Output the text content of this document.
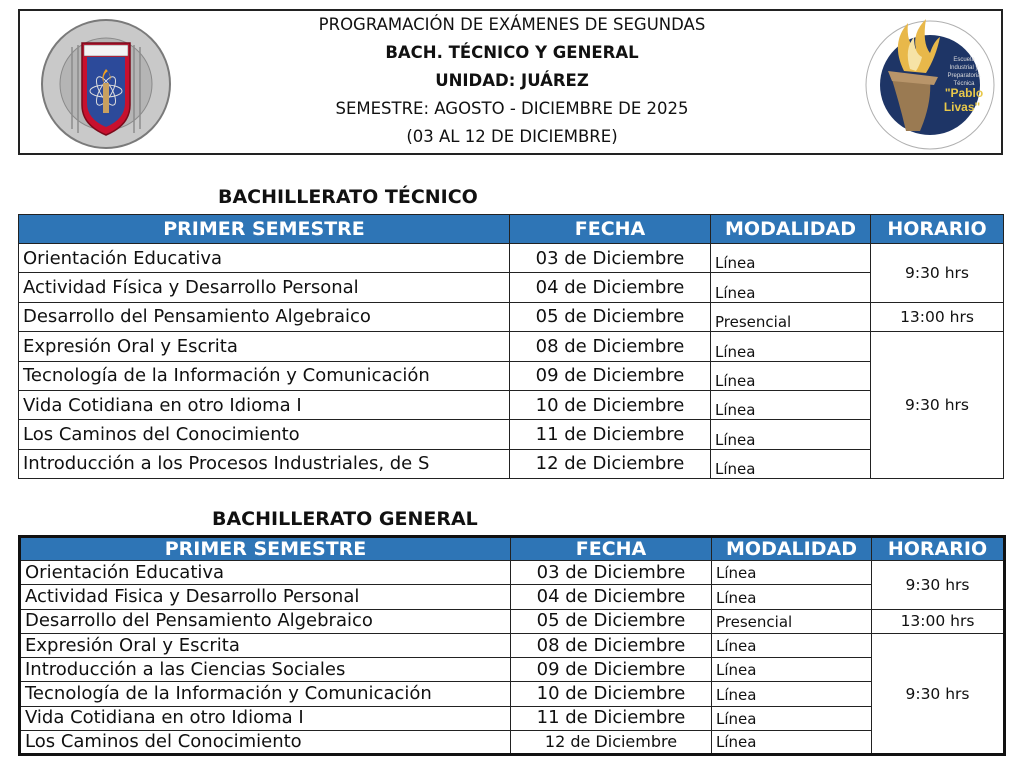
PROGRAMACIÓN DE EXÁMENES DE SEGUNDAS
BACH. TÉCNICO Y GENERAL
UNIDAD: JUÁREZ
SEMESTRE: AGOSTO - DICIEMBRE DE 2025
(03 AL 12 DE DICIEMBRE)
Escuela
Industrial y
Preparatoria
Técnica
"Pablo
Livas"
BACHILLERATO TÉCNICO
PRIMER SEMESTRE	FECHA	MODALIDAD	HORARIO
Orientación Educativa	03 de Diciembre	Línea	9:30 hrs
Actividad Física y Desarrollo Personal	04 de Diciembre	Línea	
Desarrollo del Pensamiento Algebraico	05 de Diciembre	Presencial	13:00 hrs
Expresión Oral y Escrita	08 de Diciembre	Línea	9:30 hrs
Tecnología de la Información y Comunicación	09 de Diciembre	Línea	
Vida Cotidiana en otro Idioma I	10 de Diciembre	Línea	
Los Caminos del Conocimiento	11 de Diciembre	Línea	
Introducción a los Procesos Industriales, de S	12 de Diciembre	Línea	
BACHILLERATO GENERAL
PRIMER SEMESTRE	FECHA	MODALIDAD	HORARIO
Orientación Educativa	03 de Diciembre	Línea	9:30 hrs
Actividad Fisica y Desarrollo Personal	04 de Diciembre	Línea	
Desarrollo del Pensamiento Algebraico	05 de Diciembre	Presencial	13:00 hrs
Expresión Oral y Escrita	08 de Diciembre	Línea	9:30 hrs
Introducción a las Ciencias Sociales	09 de Diciembre	Línea	
Tecnología de la Información y Comunicación	10 de Diciembre	Línea	
Vida Cotidiana en otro Idioma I	11 de Diciembre	Línea	
Los Caminos del Conocimiento	12 de Diciembre	Línea	
